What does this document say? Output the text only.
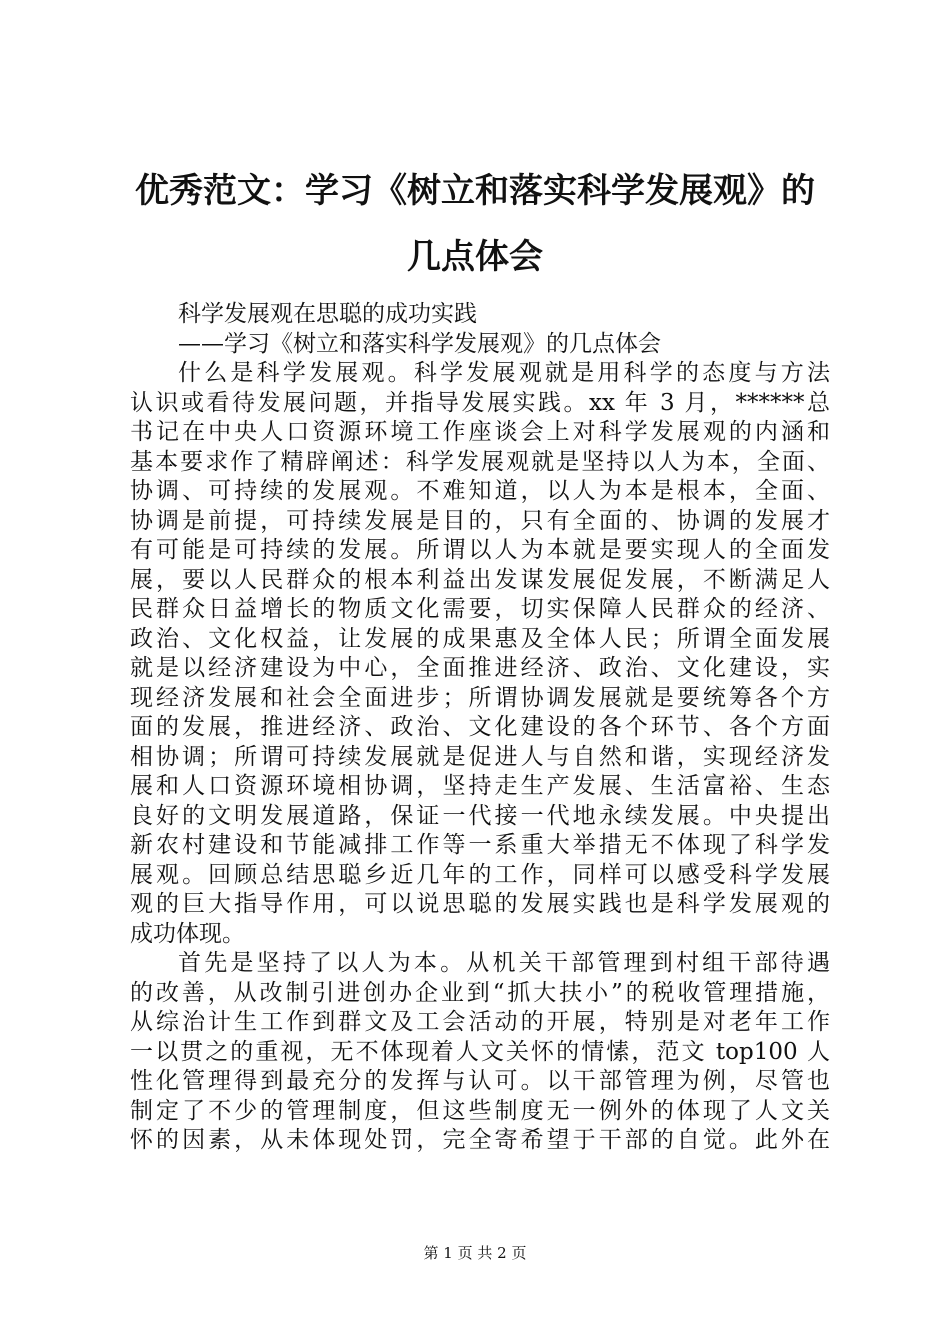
优秀范文：学习《树立和落实科学发展观》的
几点体会
科学发展观在思聪的成功实践
——学习《树立和落实科学发展观》的几点体会
什么是科学发展观。科学发展观就是用科学的态度与方法
认识或看待发展问题，并指导发展实践。xx 年 3 月，******总
书记在中央人口资源环境工作座谈会上对科学发展观的内涵和
基本要求作了精辟阐述：科学发展观就是坚持以人为本，全面、
协调、可持续的发展观。不难知道，以人为本是根本，全面、
协调是前提，可持续发展是目的，只有全面的、协调的发展才
有可能是可持续的发展。所谓以人为本就是要实现人的全面发
展，要以人民群众的根本利益出发谋发展促发展，不断满足人
民群众日益增长的物质文化需要，切实保障人民群众的经济、
政治、文化权益，让发展的成果惠及全体人民；所谓全面发展
就是以经济建设为中心，全面推进经济、政治、文化建设，实
现经济发展和社会全面进步；所谓协调发展就是要统筹各个方
面的发展，推进经济、政治、文化建设的各个环节、各个方面
相协调；所谓可持续发展就是促进人与自然和谐，实现经济发
展和人口资源环境相协调，坚持走生产发展、生活富裕、生态
良好的文明发展道路，保证一代接一代地永续发展。中央提出
新农村建设和节能减排工作等一系重大举措无不体现了科学发
展观。回顾总结思聪乡近几年的工作，同样可以感受科学发展
观的巨大指导作用，可以说思聪的发展实践也是科学发展观的
成功体现。
首先是坚持了以人为本。从机关干部管理到村组干部待遇
的改善，从改制引进创办企业到“抓大扶小”的税收管理措施，
从综治计生工作到群文及工会活动的开展，特别是对老年工作
一以贯之的重视，无不体现着人文关怀的情愫，范文 top100 人
性化管理得到最充分的发挥与认可。以干部管理为例，尽管也
制定了不少的管理制度，但这些制度无一例外的体现了人文关
怀的因素，从未体现处罚，完全寄希望于干部的自觉。此外在
第 1 页 共 2 页
